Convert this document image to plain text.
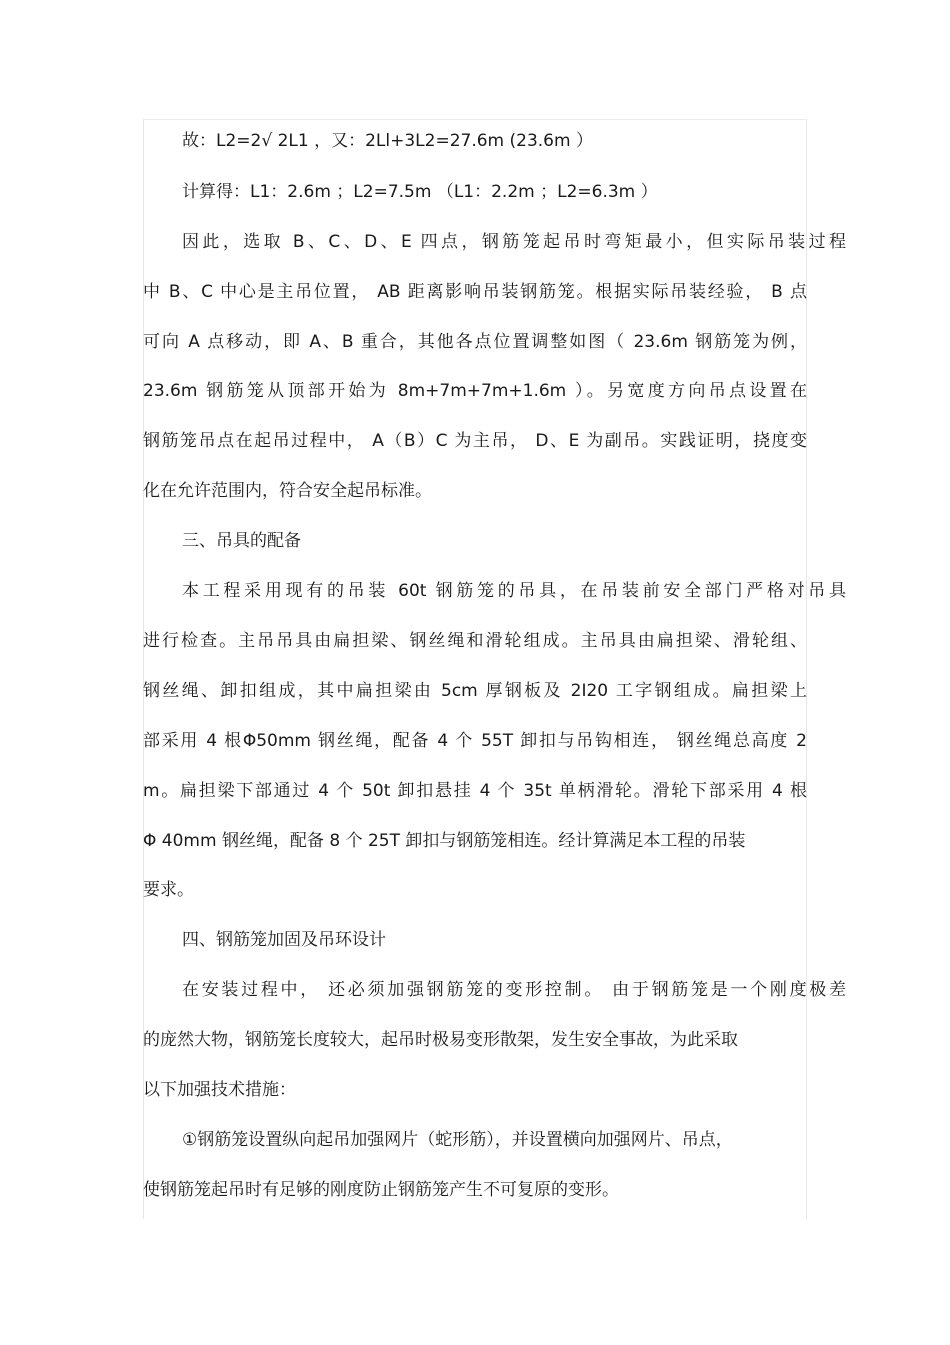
故：L2=2√ 2L1 ，又：2Ll+3L2=27.6m (23.6m ）
计算得：L1：2.6m ；L2=7.5m （L1：2.2m ；L2=6.3m ）
因此，选取 B、C、D、E 四点，钢筋笼起吊时弯矩最小，但实际吊装过程
中 B、C 中心是主吊位置， AB 距离影响吊装钢筋笼。根据实际吊装经验， B 点
可向 A 点移动，即 A、B 重合，其他各点位置调整如图（ 23.6m 钢筋笼为例，
23.6m 钢筋笼从顶部开始为 8m+7m+7m+1.6m ）。另宽度方向吊点设置在
钢筋笼吊点在起吊过程中， A（B）C 为主吊， D、E 为副吊。实践证明，挠度变
化在允许范围内，符合安全起吊标准。
三、吊具的配备
本工程采用现有的吊装 60t 钢筋笼的吊具，在吊装前安全部门严格对吊具
进行检查。主吊吊具由扁担梁、钢丝绳和滑轮组成。主吊具由扁担梁、滑轮组、
钢丝绳、卸扣组成，其中扁担梁由 5cm 厚钢板及 2I20 工字钢组成。扁担梁上
部采用 4 根Φ50mm 钢丝绳，配备 4 个 55T 卸扣与吊钩相连， 钢丝绳总高度 2
m。扁担梁下部通过 4 个 50t 卸扣悬挂 4 个 35t 单柄滑轮。滑轮下部采用 4 根
Φ 40mm 钢丝绳，配备 8 个 25T 卸扣与钢筋笼相连。经计算满足本工程的吊装
要求。
四、钢筋笼加固及吊环设计
在安装过程中， 还必须加强钢筋笼的变形控制。 由于钢筋笼是一个刚度极差
的庞然大物，钢筋笼长度较大，起吊时极易变形散架，发生安全事故，为此采取
以下加强技术措施：
①钢筋笼设置纵向起吊加强网片（蛇形筋），并设置横向加强网片、吊点，
使钢筋笼起吊时有足够的刚度防止钢筋笼产生不可复原的变形。
